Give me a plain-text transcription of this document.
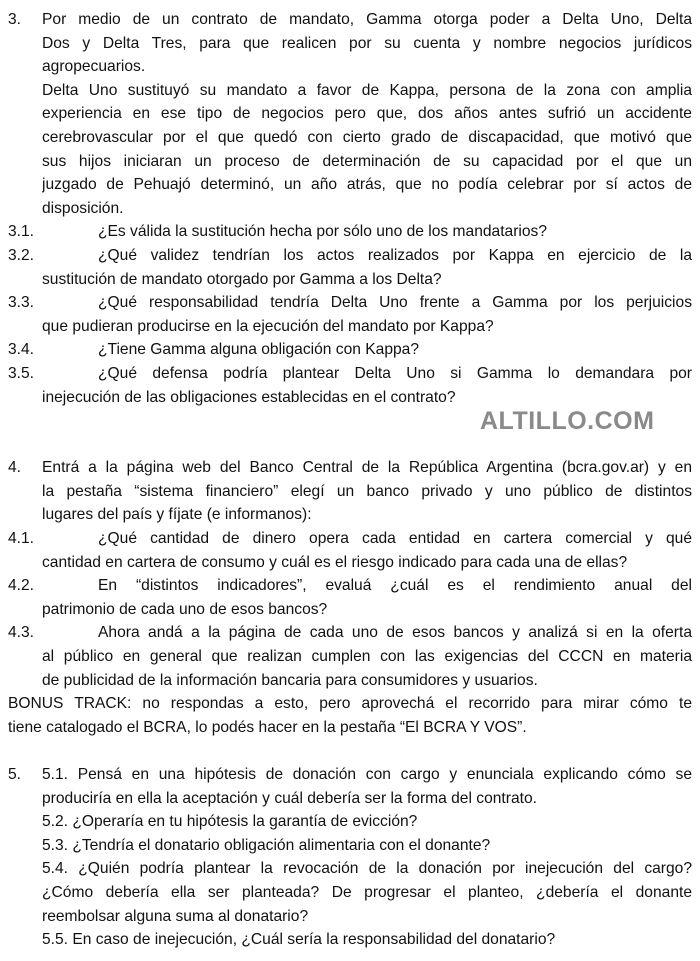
3. Por medio de un contrato de mandato, Gamma otorga poder a Delta Uno, Delta
Dos y Delta Tres, para que realicen por su cuenta y nombre negocios jurídicos
agropecuarios.
Delta Uno sustituyó su mandato a favor de Kappa, persona de la zona con amplia
experiencia en ese tipo de negocios pero que, dos años antes sufrió un accidente
cerebrovascular por el que quedó con cierto grado de discapacidad, que motivó que
sus hijos iniciaran un proceso de determinación de su capacidad por el que un
juzgado de Pehuajó determinó, un año atrás, que no podía celebrar por sí actos de
disposición.
3.1.	¿Es válida la sustitución hecha por sólo uno de los mandatarios?
3.2.	¿Qué validez tendrían los actos realizados por Kappa en ejercicio de la
sustitución de mandato otorgado por Gamma a los Delta?
3.3.	¿Qué responsabilidad tendría Delta Uno frente a Gamma por los perjuicios
que pudieran producirse en la ejecución del mandato por Kappa?
3.4.	¿Tiene Gamma alguna obligación con Kappa?
3.5.	¿Qué defensa podría plantear Delta Uno si Gamma lo demandara por
inejecución de las obligaciones establecidas en el contrato?
ALTILLO.COM
4. Entrá a la página web del Banco Central de la República Argentina (bcra.gov.ar) y en
la pestaña “sistema financiero” elegí un banco privado y uno público de distintos
lugares del país y fíjate (e informanos):
4.1.	¿Qué cantidad de dinero opera cada entidad en cartera comercial y qué
cantidad en cartera de consumo y cuál es el riesgo indicado para cada una de ellas?
4.2.	En “distintos indicadores”, evaluá ¿cuál es el rendimiento anual del
patrimonio de cada uno de esos bancos?
4.3.	Ahora andá a la página de cada uno de esos bancos y analizá si en la oferta
al público en general que realizan cumplen con las exigencias del CCCN en materia
de publicidad de la información bancaria para consumidores y usuarios.
BONUS TRACK: no respondas a esto, pero aprovechá el recorrido para mirar cómo te
tiene catalogado el BCRA, lo podés hacer en la pestaña “El BCRA Y VOS”.
5. 5.1. Pensá en una hipótesis de donación con cargo y enunciala explicando cómo se
produciría en ella la aceptación y cuál debería ser la forma del contrato.
5.2. ¿Operaría en tu hipótesis la garantía de evicción?
5.3. ¿Tendría el donatario obligación alimentaria con el donante?
5.4. ¿Quién podría plantear la revocación de la donación por inejecución del cargo?
¿Cómo debería ella ser planteada? De progresar el planteo, ¿debería el donante
reembolsar alguna suma al donatario?
5.5. En caso de inejecución, ¿Cuál sería la responsabilidad del donatario?
